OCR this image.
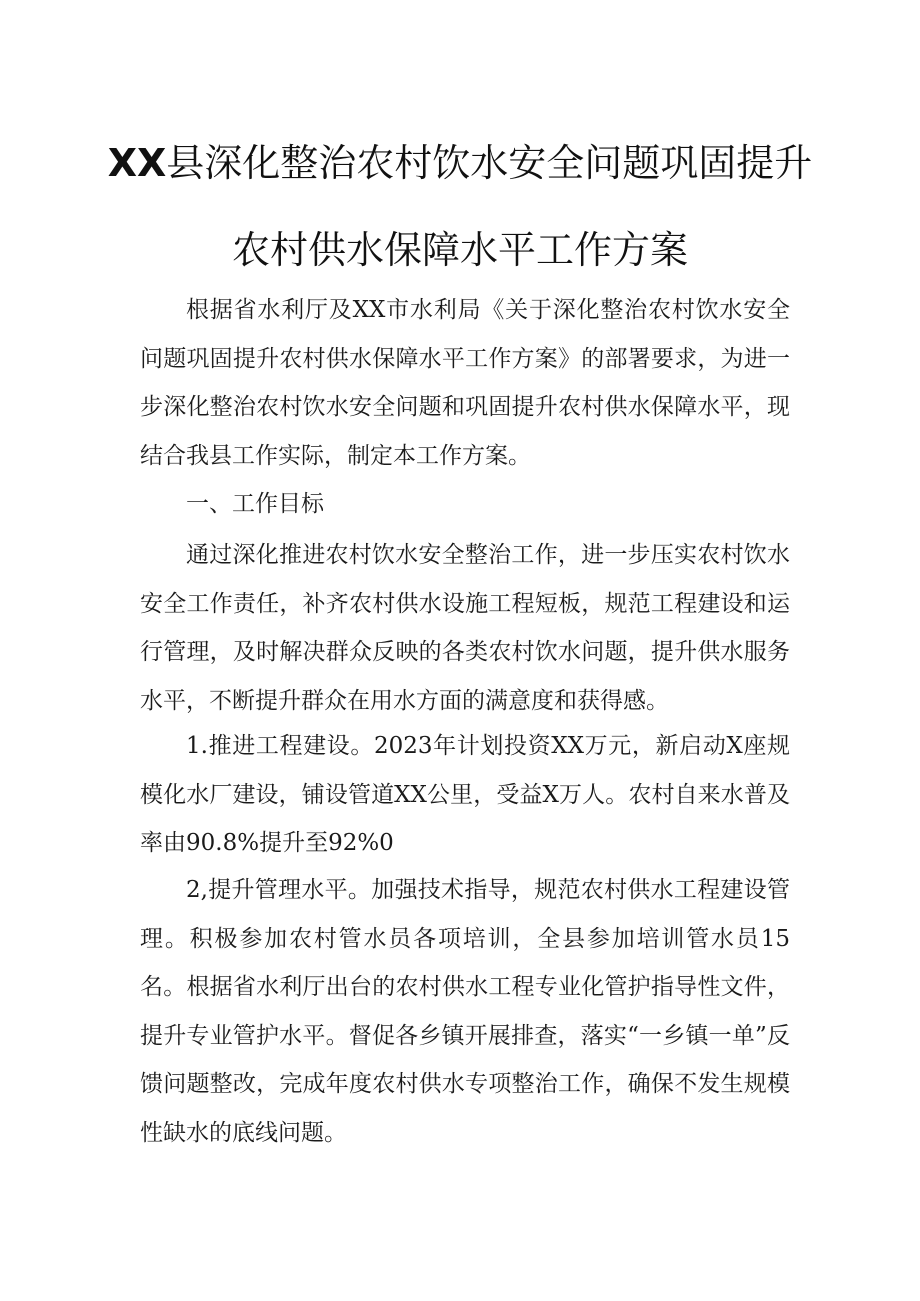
XX县深化整治农村饮水安全问题巩固提升
农村供水保障水平工作方案

根据省水利厅及XX市水利局《关于深化整治农村饮水安全问题巩固提升农村供水保障水平工作方案》的部署要求，为进一步深化整治农村饮水安全问题和巩固提升农村供水保障水平，现结合我县工作实际，制定本工作方案。

一、工作目标

通过深化推进农村饮水安全整治工作，进一步压实农村饮水安全工作责任，补齐农村供水设施工程短板，规范工程建设和运行管理，及时解决群众反映的各类农村饮水问题，提升供水服务水平，不断提升群众在用水方面的满意度和获得感。

1.推进工程建设。2023年计划投资XX万元，新启动X座规模化水厂建设，铺设管道XX公里，受益X万人。农村自来水普及率由90.8%提升至92%0

2,提升管理水平。加强技术指导，规范农村供水工程建设管理。积极参加农村管水员各项培训，全县参加培训管水员15名。根据省水利厅出台的农村供水工程专业化管护指导性文件，提升专业管护水平。督促各乡镇开展排查，落实“一乡镇一单”反馈问题整改，完成年度农村供水专项整治工作，确保不发生规模性缺水的底线问题。
